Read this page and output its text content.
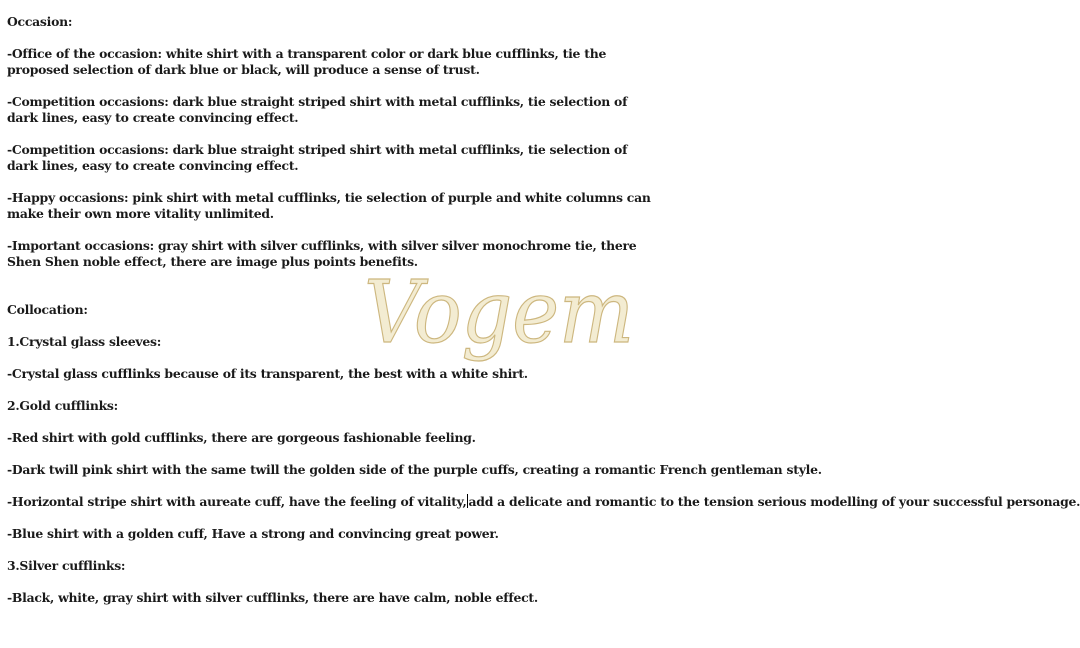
Vogem
Occasion:
-Office of the occasion: white shirt with a transparent color or dark blue cufflinks, tie the
proposed selection of dark blue or black, will produce a sense of trust.
-Competition occasions: dark blue straight striped shirt with metal cufflinks, tie selection of
dark lines, easy to create convincing effect.
-Competition occasions: dark blue straight striped shirt with metal cufflinks, tie selection of
dark lines, easy to create convincing effect.
-Happy occasions: pink shirt with metal cufflinks, tie selection of purple and white columns can
make their own more vitality unlimited.
-Important occasions: gray shirt with silver cufflinks, with silver silver monochrome tie, there
Shen Shen noble effect, there are image plus points benefits.
Collocation:
1.Crystal glass sleeves:
-Crystal glass cufflinks because of its transparent, the best with a white shirt.
2.Gold cufflinks:
-Red shirt with gold cufflinks, there are gorgeous fashionable feeling.
-Dark twill pink shirt with the same twill the golden side of the purple cuffs, creating a romantic French gentleman style.
-Horizontal stripe shirt with aureate cuff, have the feeling of vitality, add a delicate and romantic to the tension serious modelling of your successful personage.
-Blue shirt with a golden cuff, Have a strong and convincing great power.
3.Silver cufflinks:
-Black, white, gray shirt with silver cufflinks, there are have calm, noble effect.
